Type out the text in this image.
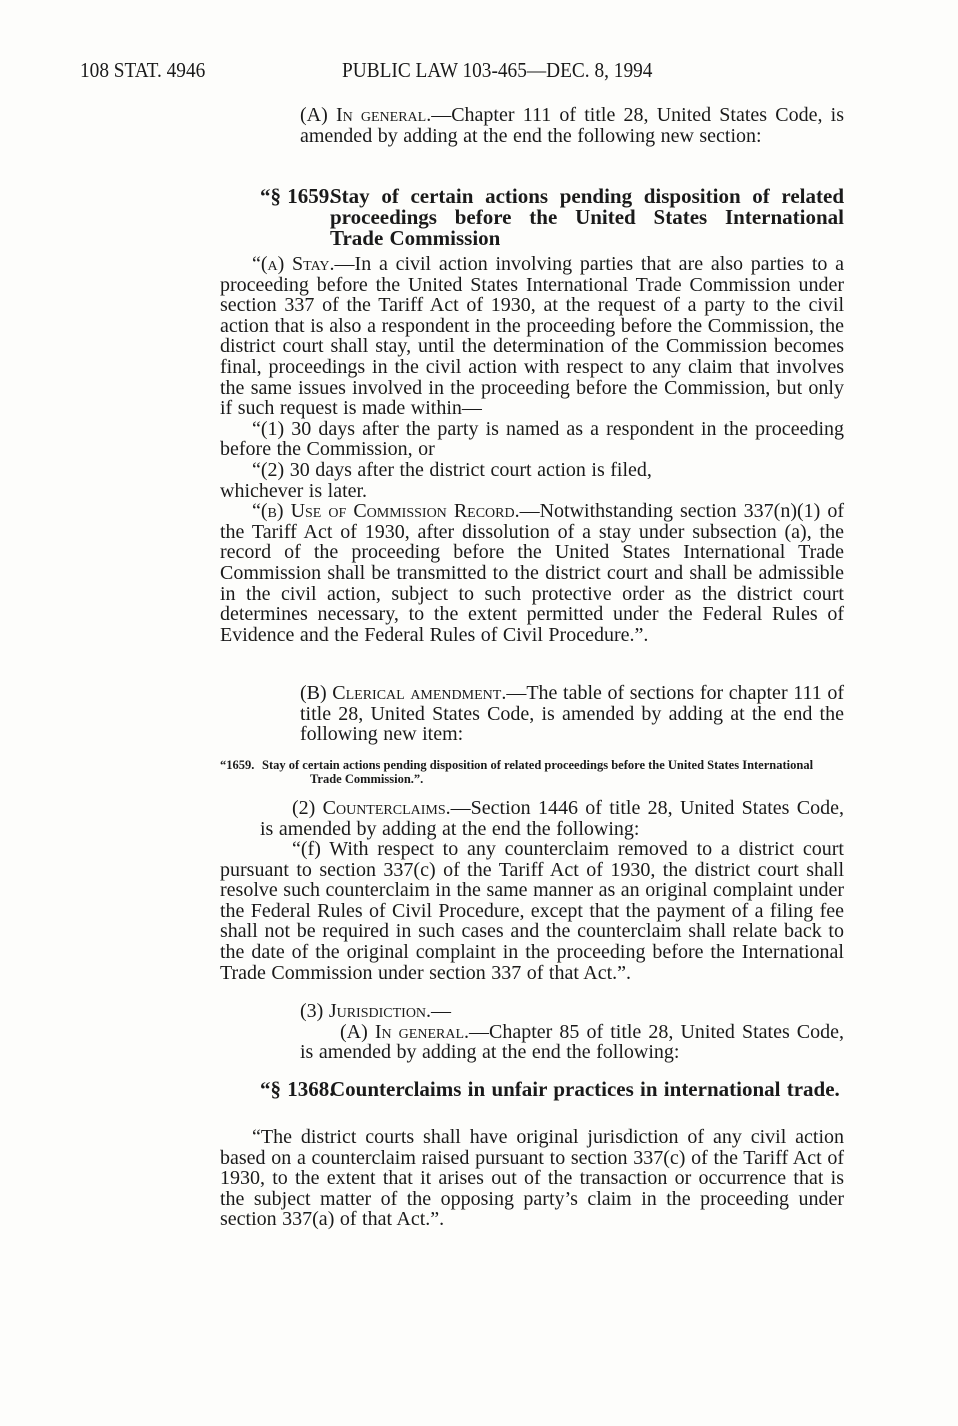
108 STAT. 4946	PUBLIC LAW 103-465—DEC. 8, 1994

(A) In general.—Chapter 111 of title 28, United States Code, is amended by adding at the end the following new section:

“§ 1659.
Stay of certain actions pending disposition of related proceedings before the United States International Trade Commission

“(a) Stay.—In a civil action involving parties that are also parties to a proceeding before the United States International Trade Commission under section 337 of the Tariff Act of 1930, at the request of a party to the civil action that is also a respondent in the proceeding before the Commission, the district court shall stay, until the determination of the Commission becomes final, proceedings in the civil action with respect to any claim that involves the same issues involved in the proceeding before the Commission, but only if such request is made within—

“(1) 30 days after the party is named as a respondent in the proceeding before the Commission, or

“(2) 30 days after the district court action is filed,

whichever is later.

“(b) Use of Commission Record.—Notwithstanding section 337(n)(1) of the Tariff Act of 1930, after dissolution of a stay under subsection (a), the record of the proceeding before the United States International Trade Commission shall be transmitted to the district court and shall be admissible in the civil action, subject to such protective order as the district court determines necessary, to the extent permitted under the Federal Rules of Evidence and the Federal Rules of Civil Procedure.”.

(B) Clerical amendment.—The table of sections for chapter 111 of title 28, United States Code, is amended by adding at the end the following new item:

“1659. Stay of certain actions pending disposition of related proceedings before the United States International Trade Commission.”.

(2) Counterclaims.—Section 1446 of title 28, United States Code, is amended by adding at the end the following:

“(f) With respect to any counterclaim removed to a district court pursuant to section 337(c) of the Tariff Act of 1930, the district court shall resolve such counterclaim in the same manner as an original complaint under the Federal Rules of Civil Procedure, except that the payment of a filing fee shall not be required in such cases and the counterclaim shall relate back to the date of the original complaint in the proceeding before the International Trade Commission under section 337 of that Act.”.

(3) Jurisdiction.—

(A) In general.—Chapter 85 of title 28, United States Code, is amended by adding at the end the following:

“§ 1368.
Counterclaims in unfair practices in international trade.

“The district courts shall have original jurisdiction of any civil action based on a counterclaim raised pursuant to section 337(c) of the Tariff Act of 1930, to the extent that it arises out of the transaction or occurrence that is the subject matter of the opposing party’s claim in the proceeding under section 337(a) of that Act.”.
